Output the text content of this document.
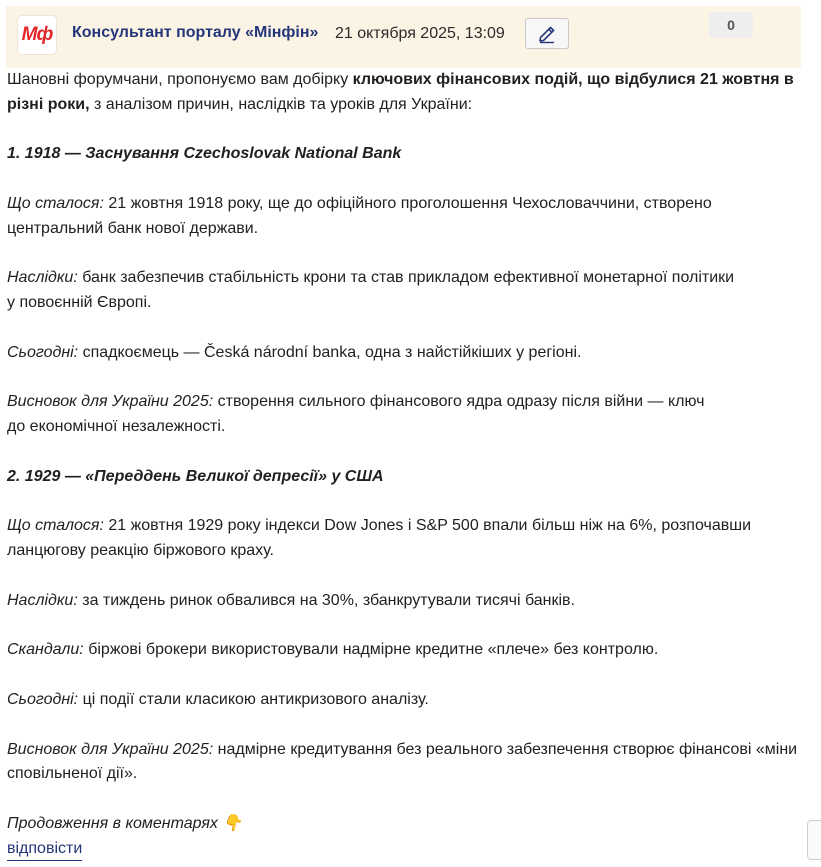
Мф Консультант порталу «Мінфін» 21 октября 2025, 13:09	0

Шановні форумчани, пропонуємо вам добірку ключових фінансових подій, що відбулися 21 жовтня в різні роки, з аналізом причин, наслідків та уроків для України:

1. 1918 — Заснування Czechoslovak National Bank

Що сталося: 21 жовтня 1918 року, ще до офіційного проголошення Чехословаччини, створено
центральний банк нової держави.

Наслідки: банк забезпечив стабільність крони та став прикладом ефективної монетарної політики
у повоєнній Європі.

Сьогодні: спадкоємець — Česká národní banka, одна з найстійкіших у регіоні.

Висновок для України 2025: створення сильного фінансового ядра одразу після війни — ключ
до економічної незалежності.

2. 1929 — «Переддень Великої депресії» у США

Що сталося: 21 жовтня 1929 року індекси Dow Jones і S&P 500 впали більш ніж на 6%, розпочавши
ланцюгову реакцію біржового краху.

Наслідки: за тиждень ринок обвалився на 30%, збанкрутували тисячі банків.

Скандали: біржові брокери використовували надмірне кредитне «плече» без контролю.

Сьогодні: ці події стали класикою антикризового аналізу.

Висновок для України 2025: надмірне кредитування без реального забезпечення створює фінансові «міни
сповільненої дії».

Продовження в коментарях 👇

відповісти
